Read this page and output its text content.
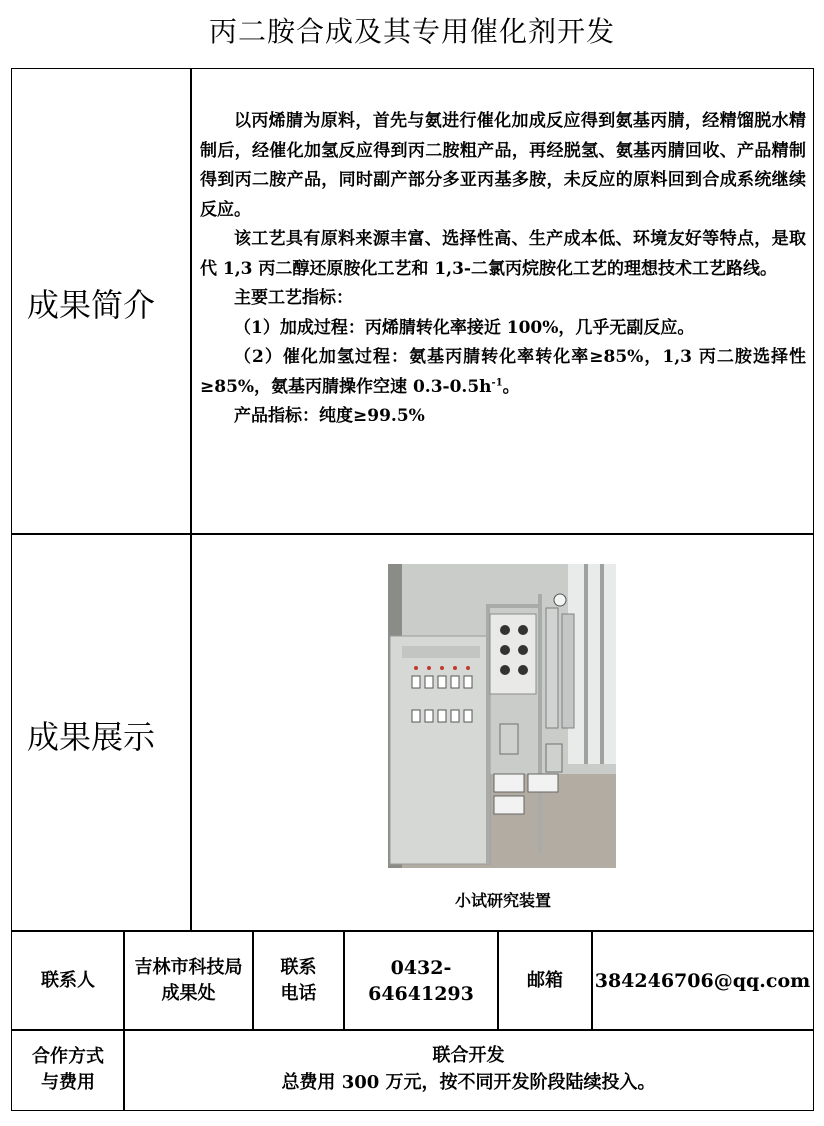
丙二胺合成及其专用催化剂开发
成果简介
以丙烯腈为原料，首先与氨进行催化加成反应得到氨基丙腈，经精馏脱水精制后，经催化加氢反应得到丙二胺粗产品，再经脱氢、氨基丙腈回收、产品精制得到丙二胺产品，同时副产部分多亚丙基多胺，未反应的原料回到合成系统继续反应。
该工艺具有原料来源丰富、选择性高、生产成本低、环境友好等特点，是取代 1,3 丙二醇还原胺化工艺和 1,3-二氯丙烷胺化工艺的理想技术工艺路线。
主要工艺指标：
（1）加成过程：丙烯腈转化率接近 100%，几乎无副反应。
（2）催化加氢过程：氨基丙腈转化率转化率≥85%，1,3 丙二胺选择性≥85%，氨基丙腈操作空速 $0.3-0.5h^{-1}$。
产品指标：纯度≥99.5%
成果展示
小试研究装置
联系人
吉林市科技局成果处
联系电话
0432-64641293
邮箱	384246706@qq.com
合作方式与费用
联合开发
总费用 300 万元，按不同开发阶段陆续投入。
